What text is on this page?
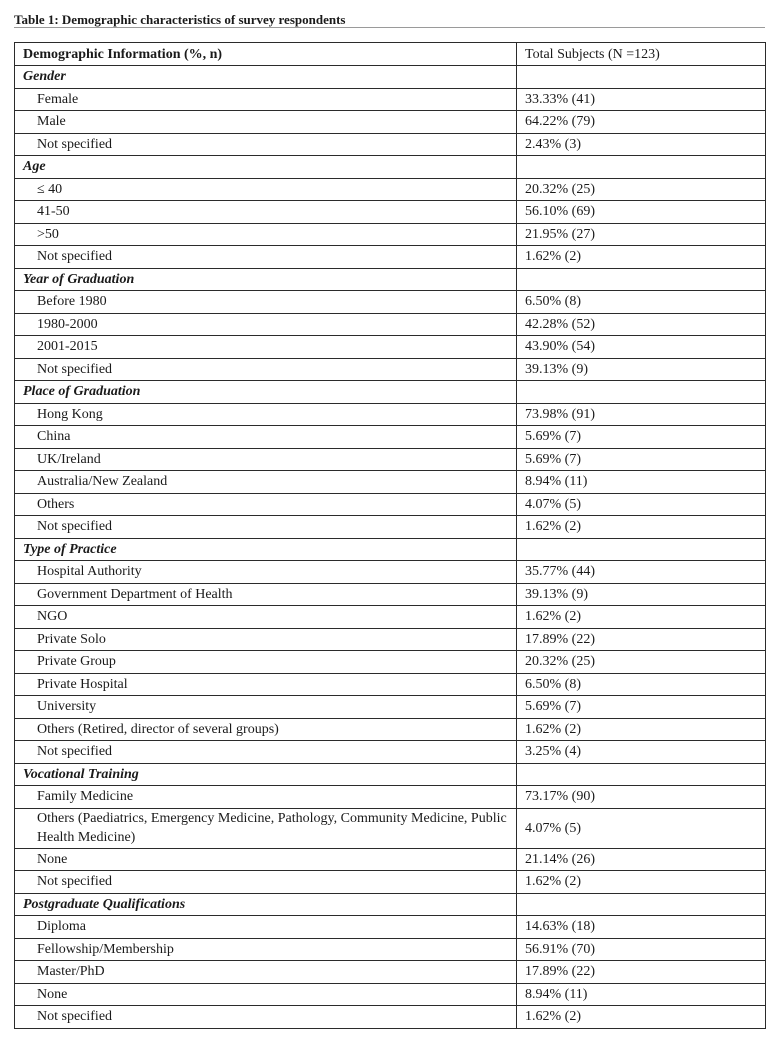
Table 1: Demographic characteristics of survey respondents
Demographic Information (%, n)	Total Subjects (N =123)
Gender	
Female	33.33% (41)
Male	64.22% (79)
Not specified	2.43% (3)
Age	
≤ 40	20.32% (25)
41-50	56.10% (69)
>50	21.95% (27)
Not specified	1.62% (2)
Year of Graduation	
Before 1980	6.50% (8)
1980-2000	42.28% (52)
2001-2015	43.90% (54)
Not specified	39.13% (9)
Place of Graduation	
Hong Kong	73.98% (91)
China	5.69% (7)
UK/Ireland	5.69% (7)
Australia/New Zealand	8.94% (11)
Others	4.07% (5)
Not specified	1.62% (2)
Type of Practice	
Hospital Authority	35.77% (44)
Government Department of Health	39.13% (9)
NGO	1.62% (2)
Private Solo	17.89% (22)
Private Group	20.32% (25)
Private Hospital	6.50% (8)
University	5.69% (7)
Others (Retired, director of several groups)	1.62% (2)
Not specified	3.25% (4)
Vocational Training	
Family Medicine	73.17% (90)
Others (Paediatrics, Emergency Medicine, Pathology, Community Medicine, Public Health Medicine)	4.07% (5)
None	21.14% (26)
Not specified	1.62% (2)
Postgraduate Qualifications	
Diploma	14.63% (18)
Fellowship/Membership	56.91% (70)
Master/PhD	17.89% (22)
None	8.94% (11)
Not specified	1.62% (2)
